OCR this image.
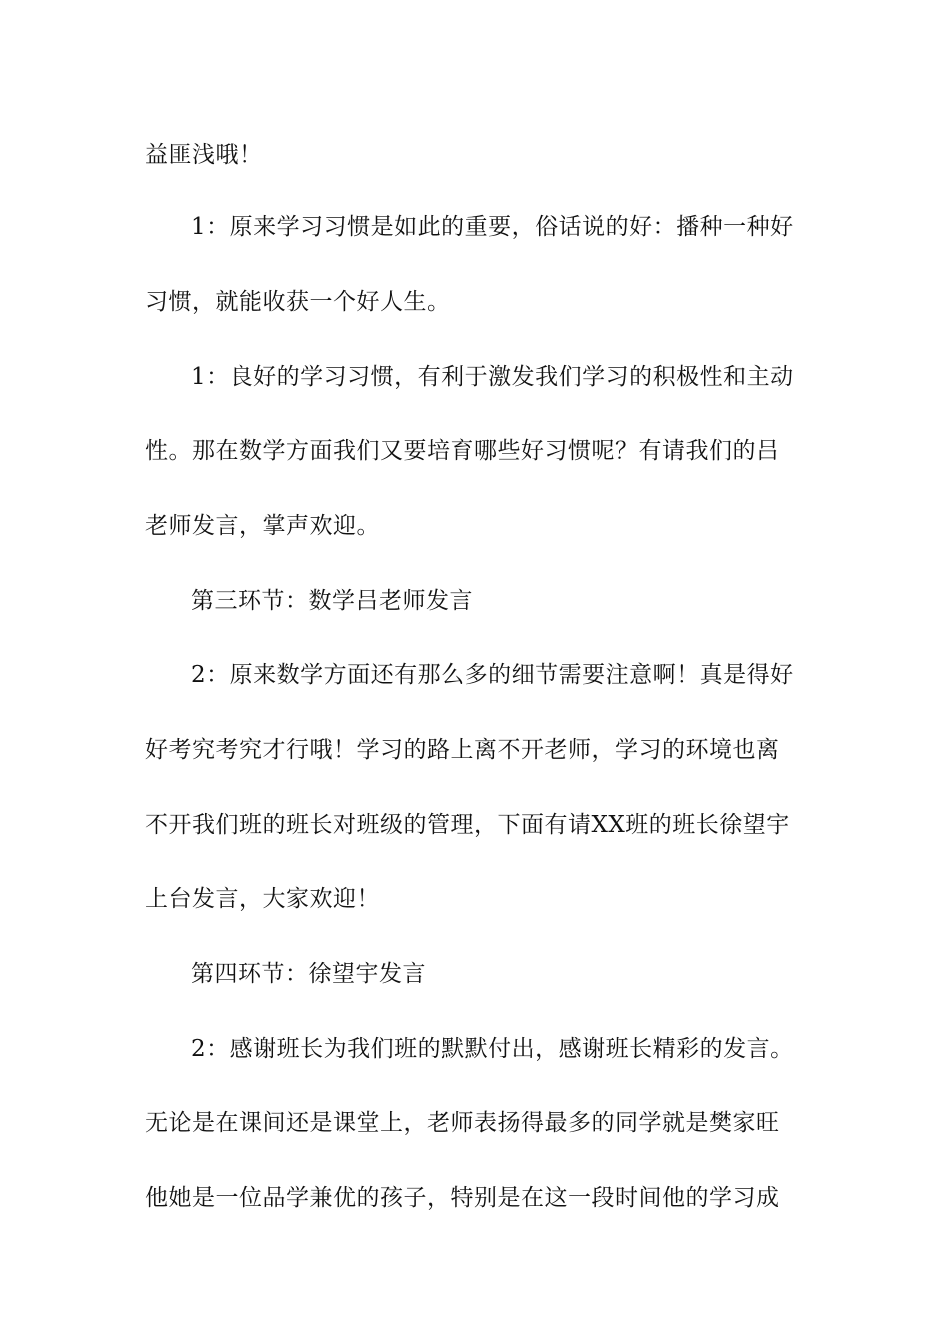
益匪浅哦！
1：原来学习习惯是如此的重要，俗话说的好：播种一种好
习惯，就能收获一个好人生。
1：良好的学习习惯，有利于激发我们学习的积极性和主动
性。那在数学方面我们又要培育哪些好习惯呢？有请我们的吕
老师发言，掌声欢迎。
第三环节：数学吕老师发言
2：原来数学方面还有那么多的细节需要注意啊！真是得好
好考究考究才行哦！学习的路上离不开老师，学习的环境也离
不开我们班的班长对班级的管理，下面有请XX班的班长徐望宇
上台发言，大家欢迎！
第四环节：徐望宇发言
2：感谢班长为我们班的默默付出，感谢班长精彩的发言。
无论是在课间还是课堂上，老师表扬得最多的同学就是樊家旺
他她是一位品学兼优的孩子，特别是在这一段时间他的学习成
